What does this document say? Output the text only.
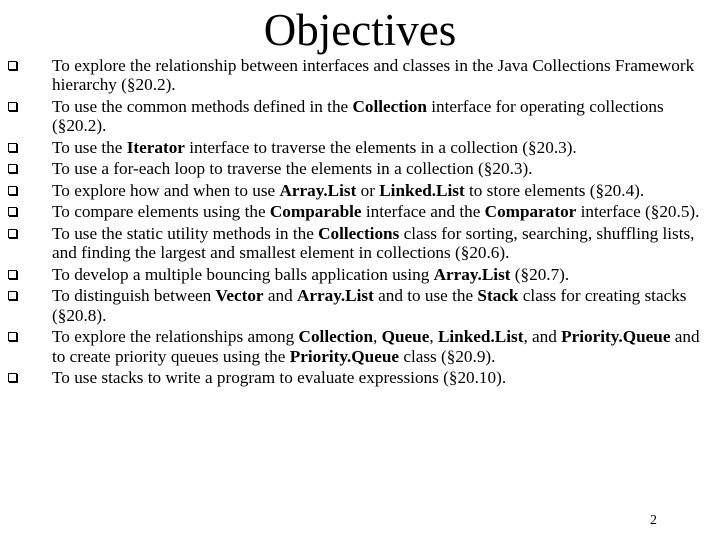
Objectives
To explore the relationship between interfaces and classes in the Java Collections Framework hierarchy (§20.2).
To use the common methods defined in the Collection interface for operating collections (§20.2).
To use the Iterator interface to traverse the elements in a collection (§20.3).
To use a for-each loop to traverse the elements in a collection (§20.3).
To explore how and when to use Array.List or Linked.List to store elements (§20.4).
To compare elements using the Comparable interface and the Comparator interface (§20.5).
To use the static utility methods in the Collections class for sorting, searching, shuffling lists, and finding the largest and smallest element in collections (§20.6).
To develop a multiple bouncing balls application using Array.List (§20.7).
To distinguish between Vector and Array.List and to use the Stack class for creating stacks (§20.8).
To explore the relationships among Collection, Queue, Linked.List, and Priority.Queue and to create priority queues using the Priority.Queue class (§20.9).
To use stacks to write a program to evaluate expressions (§20.10).
2
